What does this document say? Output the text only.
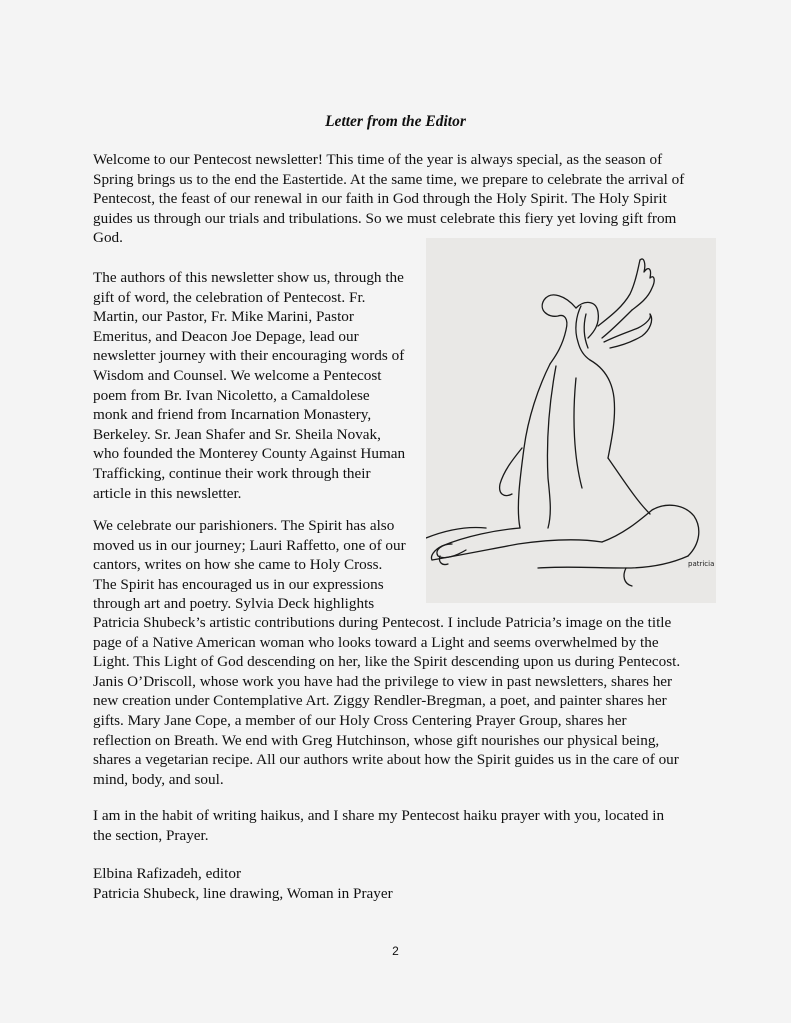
Letter from the Editor

Welcome to our Pentecost newsletter! This time of the year is always special, as the season of
Spring brings us to the end the Eastertide. At the same time, we prepare to celebrate the arrival of
Pentecost, the feast of our renewal in our faith in God through the Holy Spirit. The Holy Spirit
guides us through our trials and tribulations. So we must celebrate this fiery yet loving gift from
God.

The authors of this newsletter show us, through the
gift of word, the celebration of Pentecost. Fr.
Martin, our Pastor, Fr. Mike Marini, Pastor
Emeritus, and Deacon Joe Depage, lead our
newsletter journey with their encouraging words of
Wisdom and Counsel. We welcome a Pentecost
poem from Br. Ivan Nicoletto, a Camaldolese
monk and friend from Incarnation Monastery,
Berkeley. Sr. Jean Shafer and Sr. Sheila Novak,
who founded the Monterey County Against Human
Trafficking, continue their work through their
article in this newsletter.

We celebrate our parishioners. The Spirit has also
moved us in our journey; Lauri Raffetto, one of our
cantors, writes on how she came to Holy Cross.
The Spirit has encouraged us in our expressions
through art and poetry. Sylvia Deck highlights

Patricia Shubeck’s artistic contributions during Pentecost. I include Patricia’s image on the title
page of a Native American woman who looks toward a Light and seems overwhelmed by the
Light. This Light of God descending on her, like the Spirit descending upon us during Pentecost.
Janis O’Driscoll, whose work you have had the privilege to view in past newsletters, shares her
new creation under Contemplative Art. Ziggy Rendler-Bregman, a poet, and painter shares her
gifts. Mary Jane Cope, a member of our Holy Cross Centering Prayer Group, shares her
reflection on Breath. We end with Greg Hutchinson, whose gift nourishes our physical being,
shares a vegetarian recipe. All our authors write about how the Spirit guides us in the care of our
mind, body, and soul.

I am in the habit of writing haikus, and I share my Pentecost haiku prayer with you, located in
the section, Prayer.

Elbina Rafizadeh, editor
Patricia Shubeck, line drawing, Woman in Prayer

patricia
2
